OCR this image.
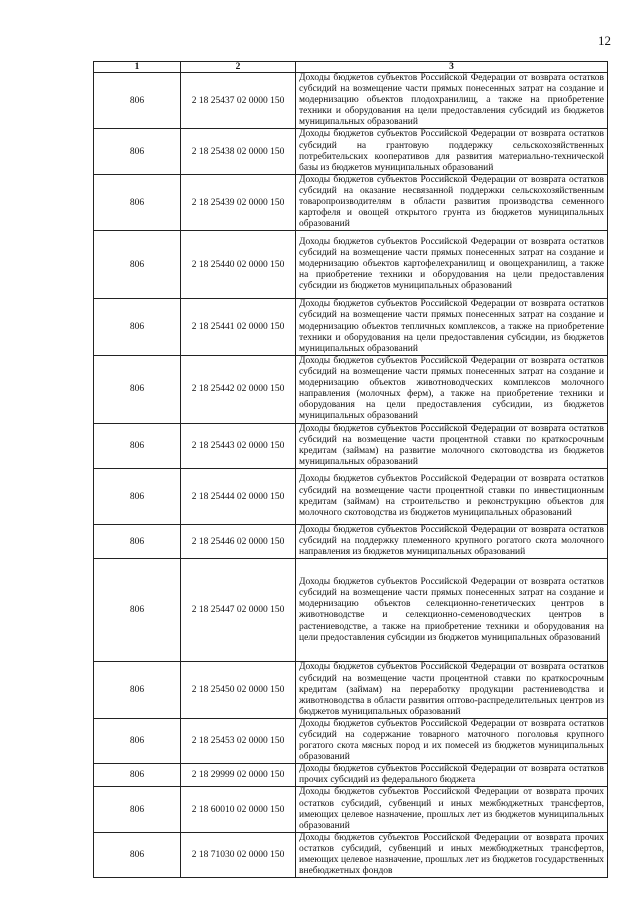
12
1	2	3
806	2 18 25437 02 0000 150	Доходы бюджетов субъектов Российской Федерации от возврата остатков субсидий на возмещение части прямых понесенных затрат на создание и модернизацию объектов плодохранилищ, а также на приобретение техники и оборудования на цели предоставления субсидий из бюджетов муниципальных образований
806	2 18 25438 02 0000 150	Доходы бюджетов субъектов Российской Федерации от возврата остатков субсидий на грантовую поддержку сельскохозяйственных потребительских кооперативов для развития материально-технической базы из бюджетов муниципальных образований
806	2 18 25439 02 0000 150	Доходы бюджетов субъектов Российской Федерации от возврата остатков субсидий на оказание несвязанной поддержки сельскохозяйственным товаропроизводителям в области развития производства семенного картофеля и овощей открытого грунта из бюджетов муниципальных образований
806	2 18 25440 02 0000 150	Доходы бюджетов субъектов Российской Федерации от возврата остатков субсидий на возмещение части прямых понесенных затрат на создание и модернизацию объектов картофелехранилищ и овощехранилищ, а также на приобретение техники и оборудования на цели предоставления субсидии из бюджетов муниципальных образований
806	2 18 25441 02 0000 150	Доходы бюджетов субъектов Российской Федерации от возврата остатков субсидий на возмещение части прямых понесенных затрат на создание и модернизацию объектов тепличных комплексов, а также на приобретение техники и оборудования на цели предоставления субсидии, из бюджетов муниципальных образований
806	2 18 25442 02 0000 150	Доходы бюджетов субъектов Российской Федерации от возврата остатков субсидий на возмещение части прямых понесенных затрат на создание и модернизацию объектов животноводческих комплексов молочного направления (молочных ферм), а также на приобретение техники и оборудования на цели предоставления субсидии, из бюджетов муниципальных образований
806	2 18 25443 02 0000 150	Доходы бюджетов субъектов Российской Федерации от возврата остатков субсидий на возмещение части процентной ставки по краткосрочным кредитам (займам) на развитие молочного скотоводства из бюджетов муниципальных образований
806	2 18 25444 02 0000 150	Доходы бюджетов субъектов Российской Федерации от возврата остатков субсидий на возмещение части процентной ставки по инвестиционным кредитам (займам) на строительство и реконструкцию объектов для молочного скотоводства из бюджетов муниципальных образований
806	2 18 25446 02 0000 150	Доходы бюджетов субъектов Российской Федерации от возврата остатков субсидий на поддержку племенного крупного рогатого скота молочного направления из бюджетов муниципальных образований
806	2 18 25447 02 0000 150	Доходы бюджетов субъектов Российской Федерации от возврата остатков субсидий на возмещение части прямых понесенных затрат на создание и модернизацию объектов селекционно-генетических центров в животноводстве и селекционно-семеноводческих центров в растениеводстве, а также на приобретение техники и оборудования на цели предоставления субсидии из бюджетов муниципальных образований
806	2 18 25450 02 0000 150	Доходы бюджетов субъектов Российской Федерации от возврата остатков субсидий на возмещение части процентной ставки по краткосрочным кредитам (займам) на переработку продукции растениеводства и животноводства в области развития оптово-распределительных центров из бюджетов муниципальных образований
806	2 18 25453 02 0000 150	Доходы бюджетов субъектов Российской Федерации от возврата остатков субсидий на содержание товарного маточного поголовья крупного рогатого скота мясных пород и их помесей из бюджетов муниципальных образований
806	2 18 29999 02 0000 150	Доходы бюджетов субъектов Российской Федерации от возврата остатков прочих субсидий из федерального бюджета
806	2 18 60010 02 0000 150	Доходы бюджетов субъектов Российской Федерации от возврата прочих остатков субсидий, субвенций и иных межбюджетных трансфертов, имеющих целевое назначение, прошлых лет из бюджетов муниципальных образований
806	2 18 71030 02 0000 150	Доходы бюджетов субъектов Российской Федерации от возврата прочих остатков субсидий, субвенций и иных межбюджетных трансфертов, имеющих целевое назначение, прошлых лет из бюджетов государственных внебюджетных фондов
